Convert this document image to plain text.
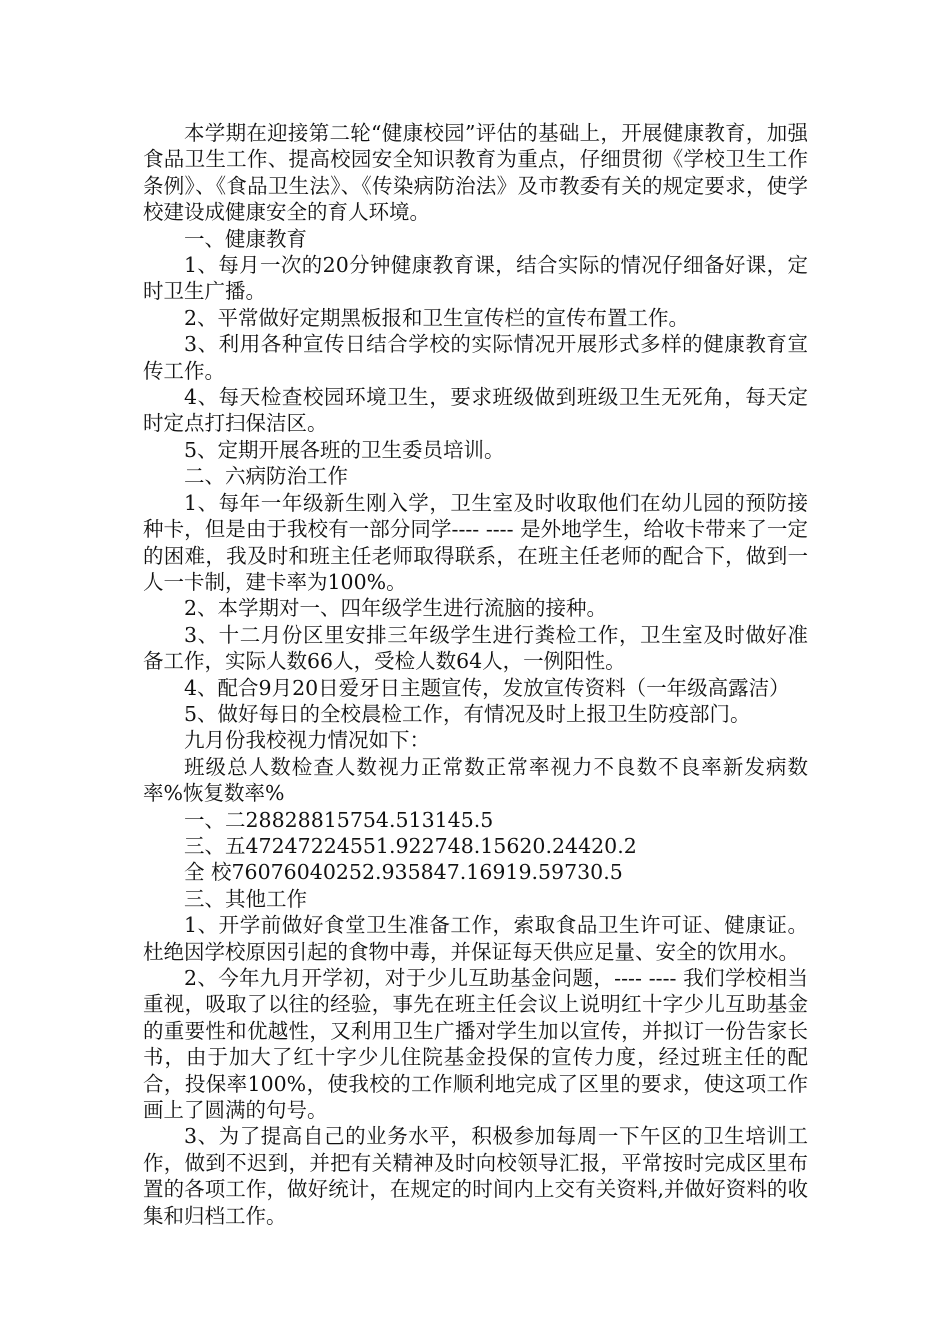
本学期在迎接第二轮“健康校园”评估的基础上，开展健康教育，加强食品卫生工作、提高校园安全知识教育为重点，仔细贯彻《学校卫生工作条例》、《食品卫生法》、《传染病防治法》及市教委有关的规定要求，使学校建设成健康安全的育人环境。

一、健康教育

1、每月一次的20分钟健康教育课，结合实际的情况仔细备好课，定时卫生广播。

2、平常做好定期黑板报和卫生宣传栏的宣传布置工作。

3、利用各种宣传日结合学校的实际情况开展形式多样的健康教育宣传工作。

4、每天检查校园环境卫生，要求班级做到班级卫生无死角，每天定时定点打扫保洁区。

5、定期开展各班的卫生委员培训。

二、六病防治工作

1、每年一年级新生刚入学，卫生室及时收取他们在幼儿园的预防接种卡，但是由于我校有一部分同学---- ---- 是外地学生，给收卡带来了一定的困难，我及时和班主任老师取得联系，在班主任老师的配合下，做到一人一卡制，建卡率为100%。

2、本学期对一、四年级学生进行流脑的接种。

3、十二月份区里安排三年级学生进行粪检工作，卫生室及时做好准备工作，实际人数66人，受检人数64人，一例阳性。

4、配合9月20日爱牙日主题宣传，发放宣传资料（一年级高露洁）

5、做好每日的全校晨检工作，有情况及时上报卫生防疫部门。

九月份我校视力情况如下：

班级总人数检查人数视力正常数正常率视力不良数不良率新发病数率%恢复数率%

一、二28828815754.513145.5

三、五47247224551.922748.15620.24420.2

全 校76076040252.935847.16919.59730.5

三、其他工作

1、开学前做好食堂卫生准备工作，索取食品卫生许可证、健康证。杜绝因学校原因引起的食物中毒，并保证每天供应足量、安全的饮用水。

2、今年九月开学初，对于少儿互助基金问题，---- ---- 我们学校相当重视，吸取了以往的经验，事先在班主任会议上说明红十字少儿互助基金的重要性和优越性，又利用卫生广播对学生加以宣传，并拟订一份告家长书，由于加大了红十字少儿住院基金投保的宣传力度，经过班主任的配合，投保率100%，使我校的工作顺利地完成了区里的要求，使这项工作画上了圆满的句号。

3、为了提高自己的业务水平，积极参加每周一下午区的卫生培训工作，做到不迟到，并把有关精神及时向校领导汇报，平常按时完成区里布置的各项工作，做好统计，在规定的时间内上交有关资料,并做好资料的收集和归档工作。
